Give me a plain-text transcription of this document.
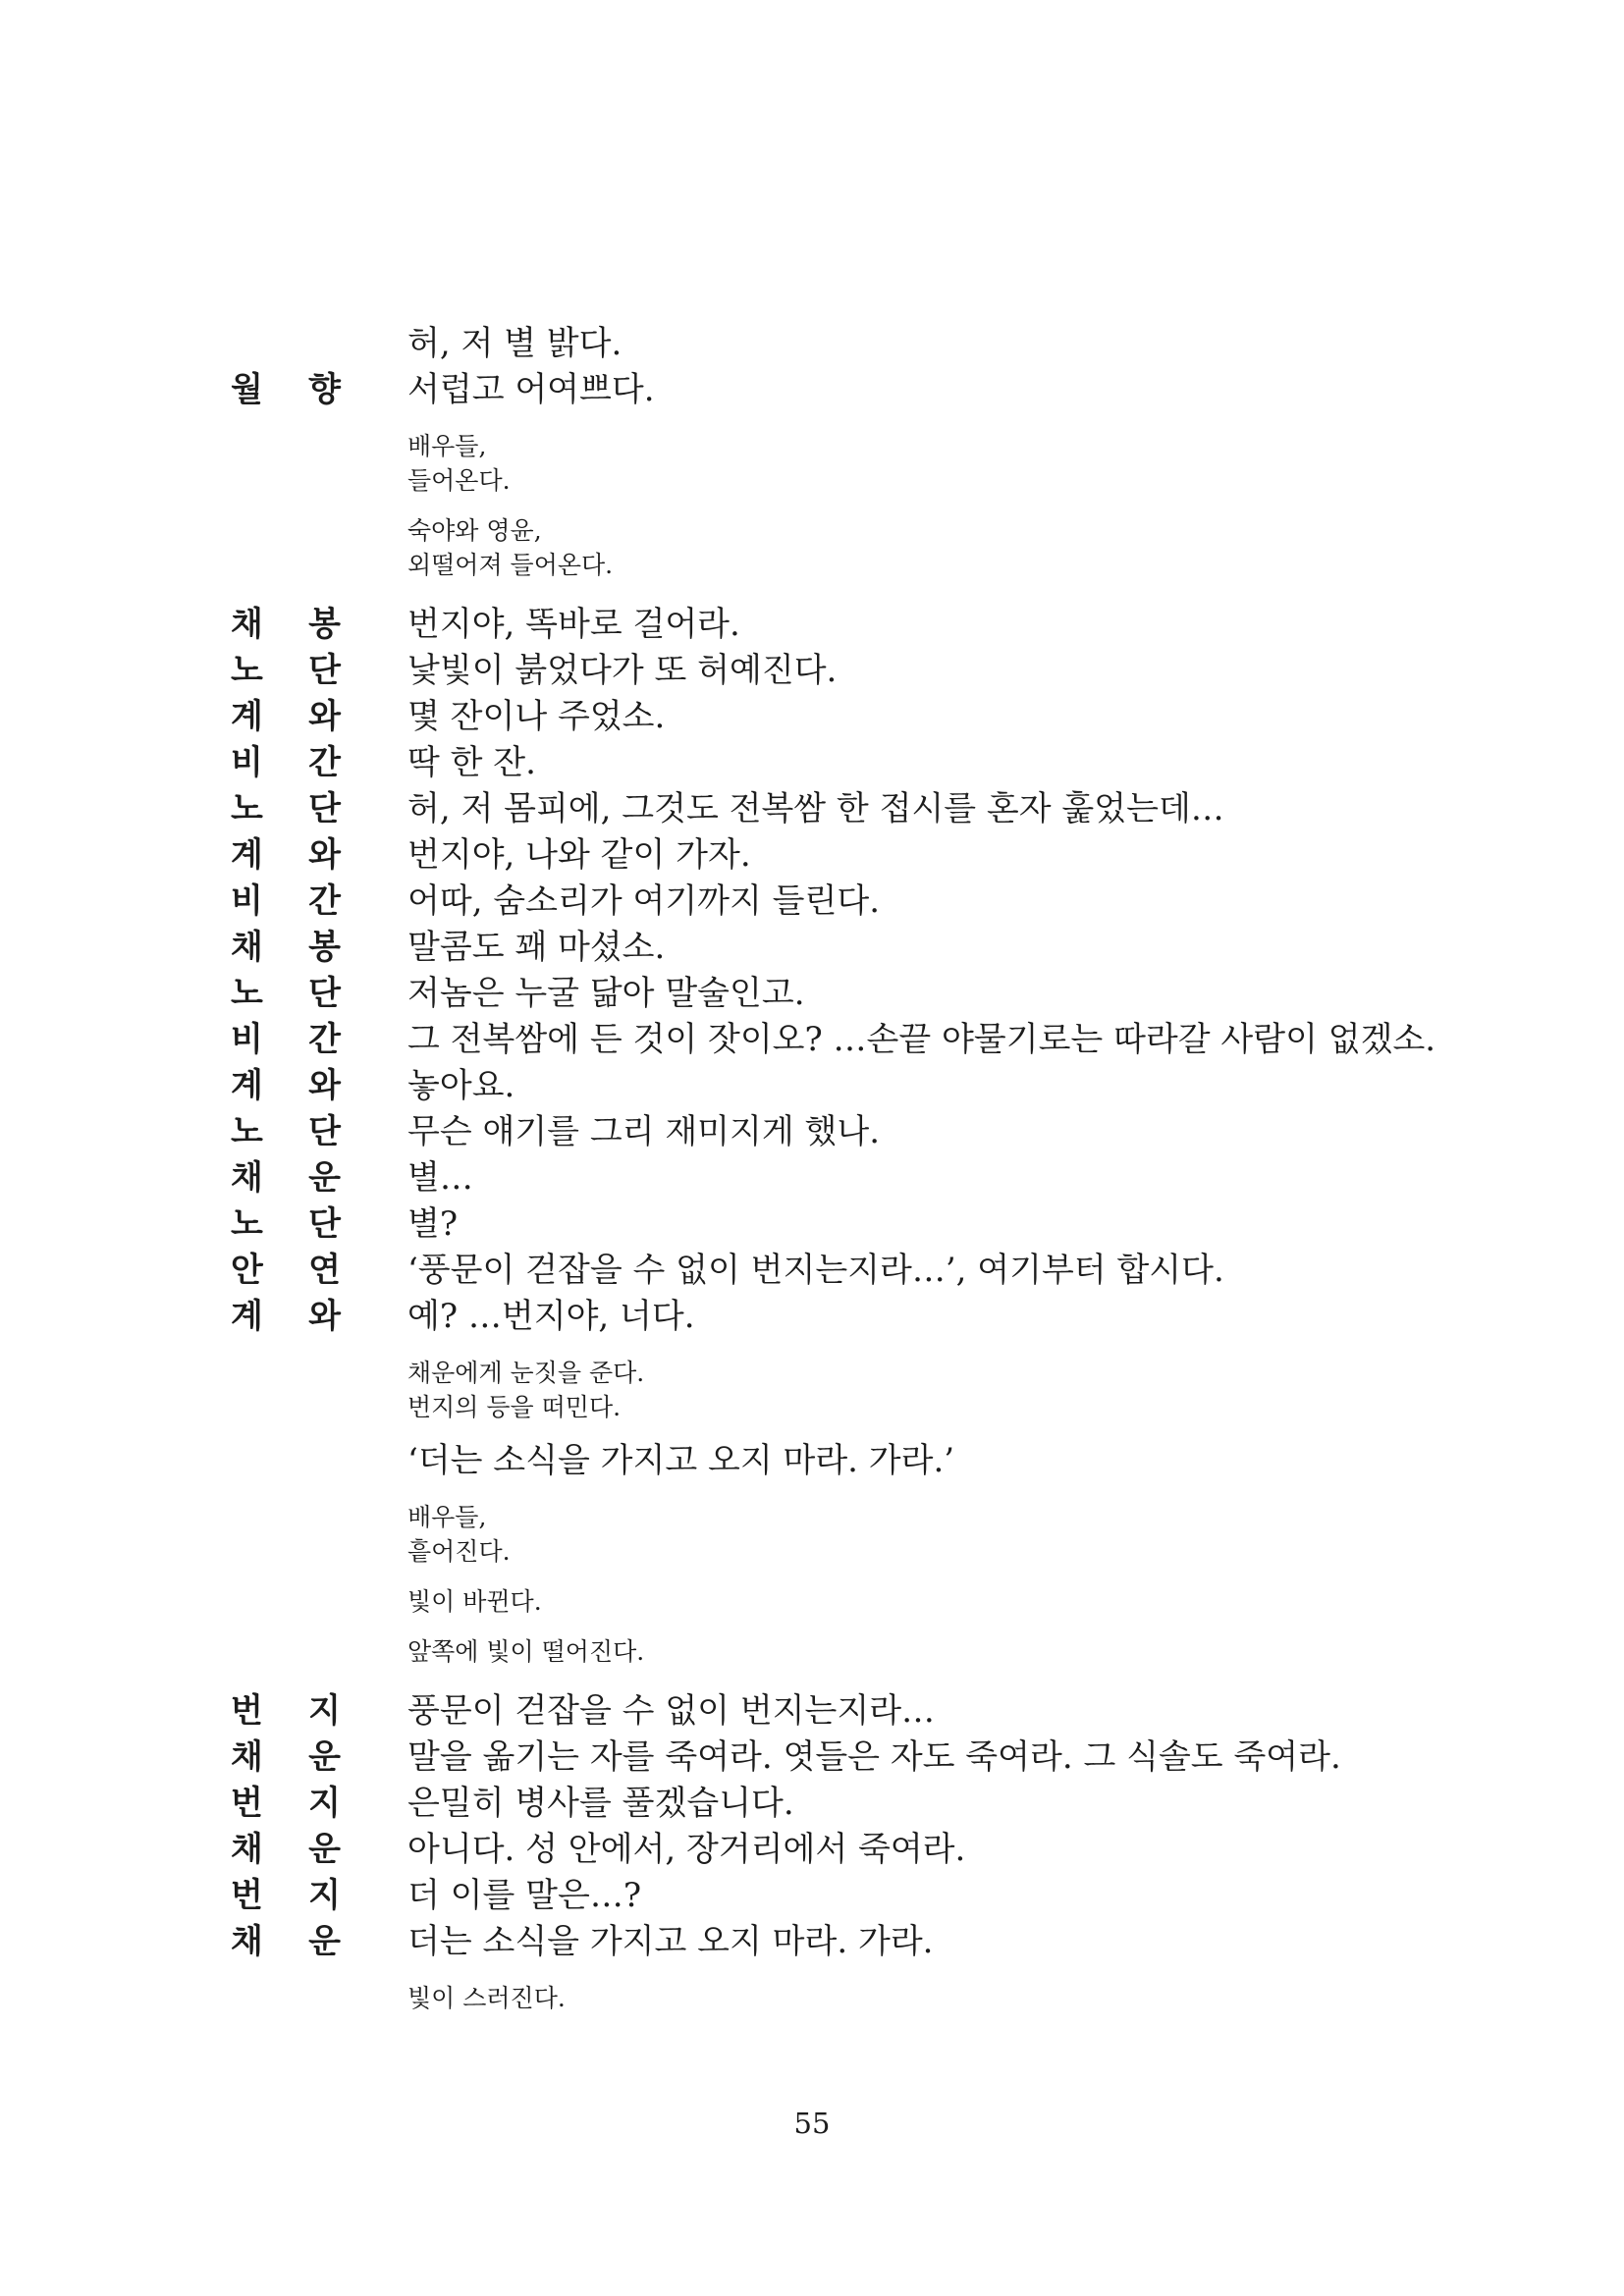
허, 저 별 밝다.
월 향 서럽고 어여쁘다.
배우들,
들어온다.
숙야와 영윤,
외떨어져 들어온다.
채 봉 번지야, 똑바로 걸어라.
노 단 낯빛이 붉었다가 또 허예진다.
계 와 몇 잔이나 주었소.
비 간 딱 한 잔.
노 단 허, 저 몸피에, 그것도 전복쌈 한 접시를 혼자 훑었는데…
계 와 번지야, 나와 같이 가자.
비 간 어따, 숨소리가 여기까지 들린다.
채 봉 말콤도 꽤 마셨소.
노 단 저놈은 누굴 닮아 말술인고.
비 간 그 전복쌈에 든 것이 잣이오? …손끝 야물기로는 따라갈 사람이 없겠소.
계 와 놓아요.
노 단 무슨 얘기를 그리 재미지게 했나.
채 운 별…
노 단 별?
안 연 ‘풍문이 걷잡을 수 없이 번지는지라…’, 여기부터 합시다.
계 와 예? …번지야, 너다.
채운에게 눈짓을 준다.
번지의 등을 떠민다.
‘더는 소식을 가지고 오지 마라. 가라.’
배우들,
흩어진다.
빛이 바뀐다.
앞쪽에 빛이 떨어진다.
번 지 풍문이 걷잡을 수 없이 번지는지라…
채 운 말을 옮기는 자를 죽여라. 엿들은 자도 죽여라. 그 식솔도 죽여라.
번 지 은밀히 병사를 풀겠습니다.
채 운 아니다. 성 안에서, 장거리에서 죽여라.
번 지 더 이를 말은…?
채 운 더는 소식을 가지고 오지 마라. 가라.
빛이 스러진다.
55
